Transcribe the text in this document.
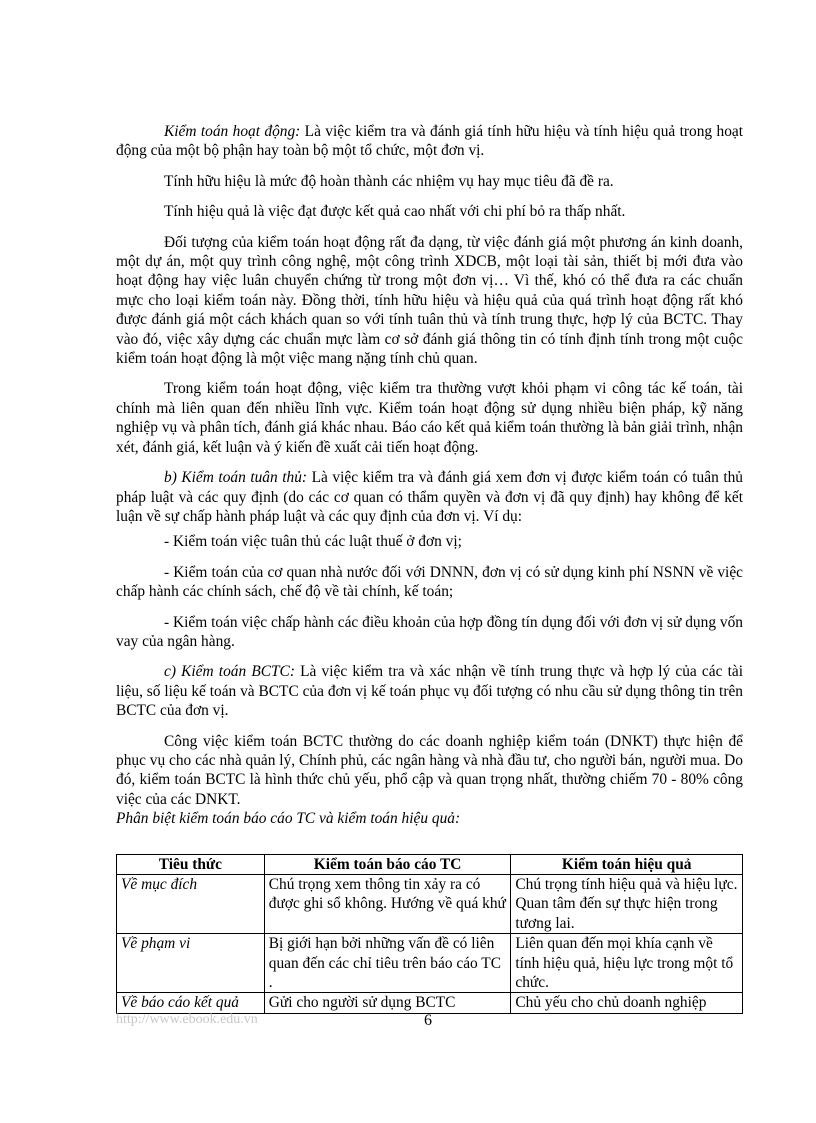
Kiểm toán hoạt động: Là việc kiểm tra và đánh giá tính hữu hiệu và tính hiệu quả trong hoạt động của một bộ phận hay toàn bộ một tổ chức, một đơn vị.

Tính hữu hiệu là mức độ hoàn thành các nhiệm vụ hay mục tiêu đã đề ra.

Tính hiệu quả là việc đạt được kết quả cao nhất với chi phí bỏ ra thấp nhất.

Đối tượng của kiểm toán hoạt động rất đa dạng, từ việc đánh giá một phương án kinh doanh, một dự án, một quy trình công nghệ, một công trình XDCB, một loại tài sản, thiết bị mới đưa vào hoạt động hay việc luân chuyển chứng từ trong một đơn vị… Vì thế, khó có thể đưa ra các chuẩn mực cho loại kiểm toán này. Đồng thời, tính hữu hiệu và hiệu quả của quá trình hoạt động rất khó được đánh giá một cách khách quan so với tính tuân thủ và tính trung thực, hợp lý của BCTC. Thay vào đó, việc xây dựng các chuẩn mực làm cơ sở đánh giá thông tin có tính định tính trong một cuộc kiểm toán hoạt động là một việc mang nặng tính chủ quan.

Trong kiểm toán hoạt động, việc kiểm tra thường vượt khỏi phạm vi công tác kế toán, tài chính mà liên quan đến nhiều lĩnh vực. Kiểm toán hoạt động sử dụng nhiều biện pháp, kỹ năng nghiệp vụ và phân tích, đánh giá khác nhau. Báo cáo kết quả kiểm toán thường là bản giải trình, nhận xét, đánh giá, kết luận và ý kiến đề xuất cải tiến hoạt động.

b) Kiểm toán tuân thủ: Là việc kiểm tra và đánh giá xem đơn vị được kiểm toán có tuân thủ pháp luật và các quy định (do các cơ quan có thẩm quyền và đơn vị đã quy định) hay không để kết luận về sự chấp hành pháp luật và các quy định của đơn vị. Ví dụ:

- Kiểm toán việc tuân thủ các luật thuế ở đơn vị;

- Kiểm toán của cơ quan nhà nước đối với DNNN, đơn vị có sử dụng kinh phí NSNN về việc chấp hành các chính sách, chế độ về tài chính, kế toán;

- Kiểm toán việc chấp hành các điều khoản của hợp đồng tín dụng đối với đơn vị sử dụng vốn vay của ngân hàng.

c) Kiểm toán BCTC: Là việc kiểm tra và xác nhận về tính trung thực và hợp lý của các tài liệu, số liệu kế toán và BCTC của đơn vị kế toán phục vụ đối tượng có nhu cầu sử dụng thông tin trên BCTC của đơn vị.

Công việc kiểm toán BCTC thường do các doanh nghiệp kiểm toán (DNKT) thực hiện để phục vụ cho các nhà quản lý, Chính phủ, các ngân hàng và nhà đầu tư, cho người bán, người mua. Do đó, kiểm toán BCTC là hình thức chủ yếu, phổ cập và quan trọng nhất, thường chiếm 70 - 80% công việc của các DNKT.

Phân biệt kiểm toán báo cáo TC và kiểm toán hiệu quả:

Tiêu thức	Kiểm toán báo cáo TC	Kiểm toán hiệu quả
Về mục đích	Chú trọng xem thông tin xảy ra có được ghi sổ không. Hướng về quá khứ	Chú trọng tính hiệu quả và hiệu lực. Quan tâm đến sự thực hiện trong tương lai.
Về phạm vi	Bị giới hạn bởi những vấn đề có liên quan đến các chỉ tiêu trên báo cáo TC .	Liên quan đến mọi khía cạnh về tính hiệu quả, hiệu lực trong một tổ chức.
Về báo cáo kết quả	Gửi cho người sử dụng BCTC	Chủ yếu cho chủ doanh nghiệp
http://www.ebook.edu.vn	6
